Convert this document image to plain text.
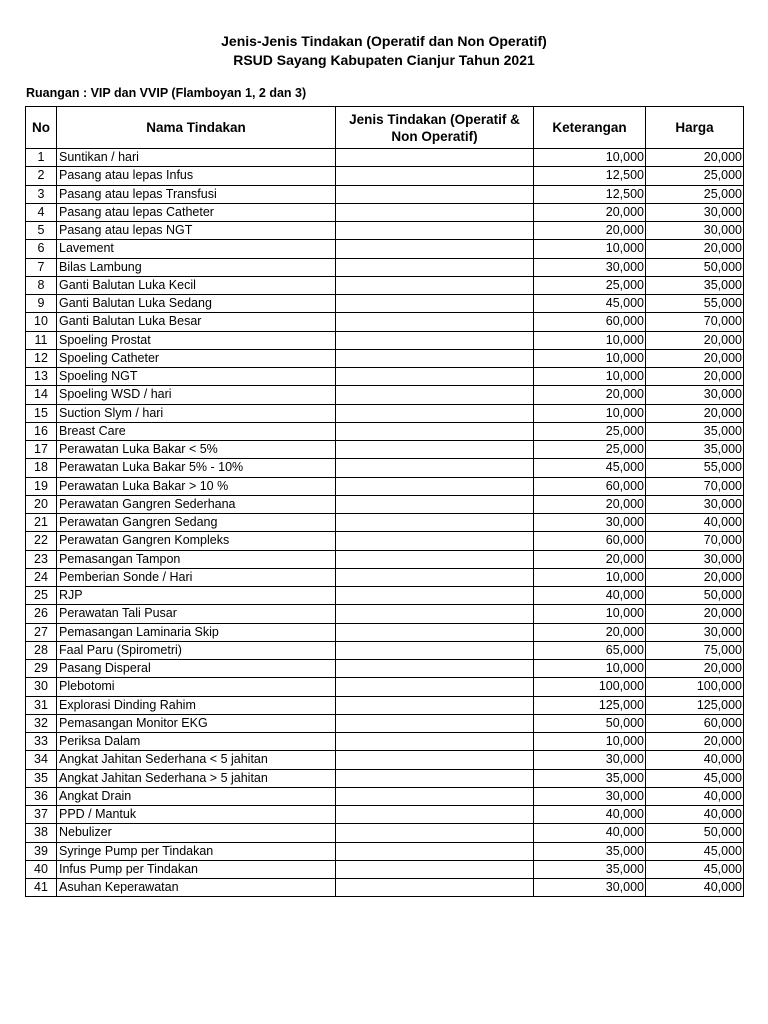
Jenis-Jenis Tindakan (Operatif dan Non Operatif)
RSUD Sayang Kabupaten Cianjur Tahun 2021
Ruangan : VIP dan VVIP (Flamboyan 1, 2 dan 3)
No	Nama Tindakan	Jenis Tindakan (Operatif & Non Operatif)	Keterangan	Harga
1	Suntikan / hari		10,000	20,000
2	Pasang atau lepas Infus		12,500	25,000
3	Pasang atau lepas Transfusi		12,500	25,000
4	Pasang atau lepas Catheter		20,000	30,000
5	Pasang atau lepas NGT		20,000	30,000
6	Lavement		10,000	20,000
7	Bilas Lambung		30,000	50,000
8	Ganti Balutan Luka Kecil		25,000	35,000
9	Ganti Balutan Luka Sedang		45,000	55,000
10	Ganti Balutan Luka Besar		60,000	70,000
11	Spoeling Prostat		10,000	20,000
12	Spoeling Catheter		10,000	20,000
13	Spoeling NGT		10,000	20,000
14	Spoeling WSD / hari		20,000	30,000
15	Suction Slym / hari		10,000	20,000
16	Breast Care		25,000	35,000
17	Perawatan Luka Bakar < 5%		25,000	35,000
18	Perawatan Luka Bakar 5% - 10%		45,000	55,000
19	Perawatan Luka Bakar > 10 %		60,000	70,000
20	Perawatan Gangren Sederhana		20,000	30,000
21	Perawatan Gangren Sedang		30,000	40,000
22	Perawatan Gangren Kompleks		60,000	70,000
23	Pemasangan Tampon		20,000	30,000
24	Pemberian Sonde / Hari		10,000	20,000
25	RJP		40,000	50,000
26	Perawatan Tali Pusar		10,000	20,000
27	Pemasangan Laminaria Skip		20,000	30,000
28	Faal Paru (Spirometri)		65,000	75,000
29	Pasang Disperal		10,000	20,000
30	Plebotomi		100,000	100,000
31	Explorasi Dinding Rahim		125,000	125,000
32	Pemasangan Monitor EKG		50,000	60,000
33	Periksa Dalam		10,000	20,000
34	Angkat Jahitan Sederhana < 5 jahitan		30,000	40,000
35	Angkat Jahitan Sederhana > 5 jahitan		35,000	45,000
36	Angkat Drain		30,000	40,000
37	PPD / Mantuk		40,000	40,000
38	Nebulizer		40,000	50,000
39	Syringe Pump per Tindakan		35,000	45,000
40	Infus Pump per Tindakan		35,000	45,000
41	Asuhan Keperawatan		30,000	40,000
